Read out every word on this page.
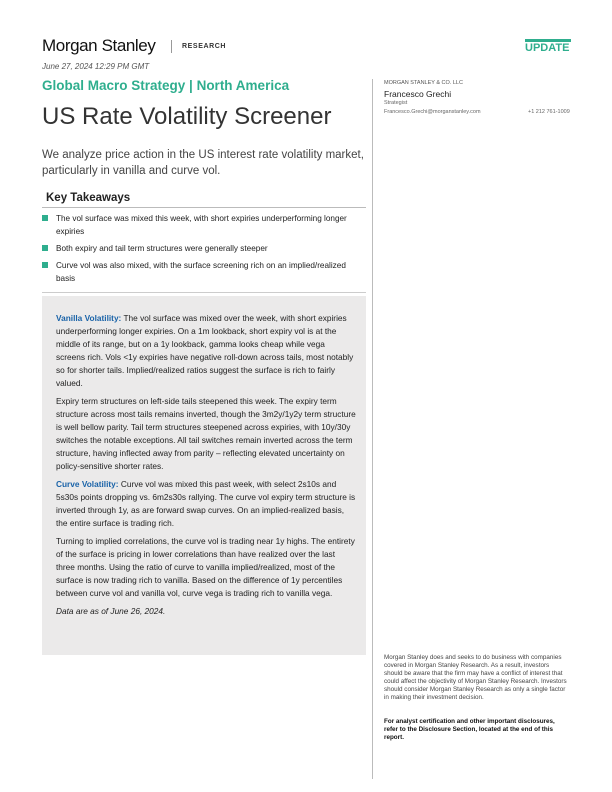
Morgan Stanley	RESEARCH	UPDATE
June 27, 2024 12:29 PM GMT
Global Macro Strategy | North America
US Rate Volatility Screener
We analyze price action in the US interest rate volatility market, particularly in vanilla and curve vol.
Key Takeaways
The vol surface was mixed this week, with short expiries underperforming longer expiries
Both expiry and tail term structures were generally steeper
Curve vol was also mixed, with the surface screening rich on an implied/realized basis

Vanilla Volatility: The vol surface was mixed over the week, with short expiries underperforming longer expiries. On a 1m lookback, short expiry vol is at the middle of its range, but on a 1y lookback, gamma looks cheap while vega screens rich. Vols <1y expiries have negative roll-down across tails, most notably so for shorter tails. Implied/realized ratios suggest the surface is rich to fairly valued.

Expiry term structures on left-side tails steepened this week. The expiry term structure across most tails remains inverted, though the 3m2y/1y2y term structure is well bellow parity. Tail term structures steepened across expiries, with 10y/30y switches the notable exceptions. All tail switches remain inverted across the term structure, having inflected away from parity – reflecting elevated uncertainty on policy-sensitive shorter rates.

Curve Volatility: Curve vol was mixed this past week, with select 2s10s and 5s30s points dropping vs. 6m2s30s rallying. The curve vol expiry term structure is inverted through 1y, as are forward swap curves. On an implied-realized basis, the entire surface is trading rich.

Turning to implied correlations, the curve vol is trading near 1y highs. The entirety of the surface is pricing in lower correlations than have realized over the last three months. Using the ratio of curve to vanilla implied/realized, most of the surface is now trading rich to vanilla. Based on the difference of 1y percentiles between curve vol and vanilla vol, curve vega is trading rich to vanilla vega.

Data are as of June 26, 2024.

MORGAN STANLEY & CO. LLC
Francesco Grechi
Strategist
Francesco.Grechi@morganstanley.com	+1 212 761-1009
Morgan Stanley does and seeks to do business with companies covered in Morgan Stanley Research. As a result, investors should be aware that the firm may have a conflict of interest that could affect the objectivity of Morgan Stanley Research. Investors should consider Morgan Stanley Research as only a single factor in making their investment decision.
For analyst certification and other important disclosures, refer to the Disclosure Section, located at the end of this report.
